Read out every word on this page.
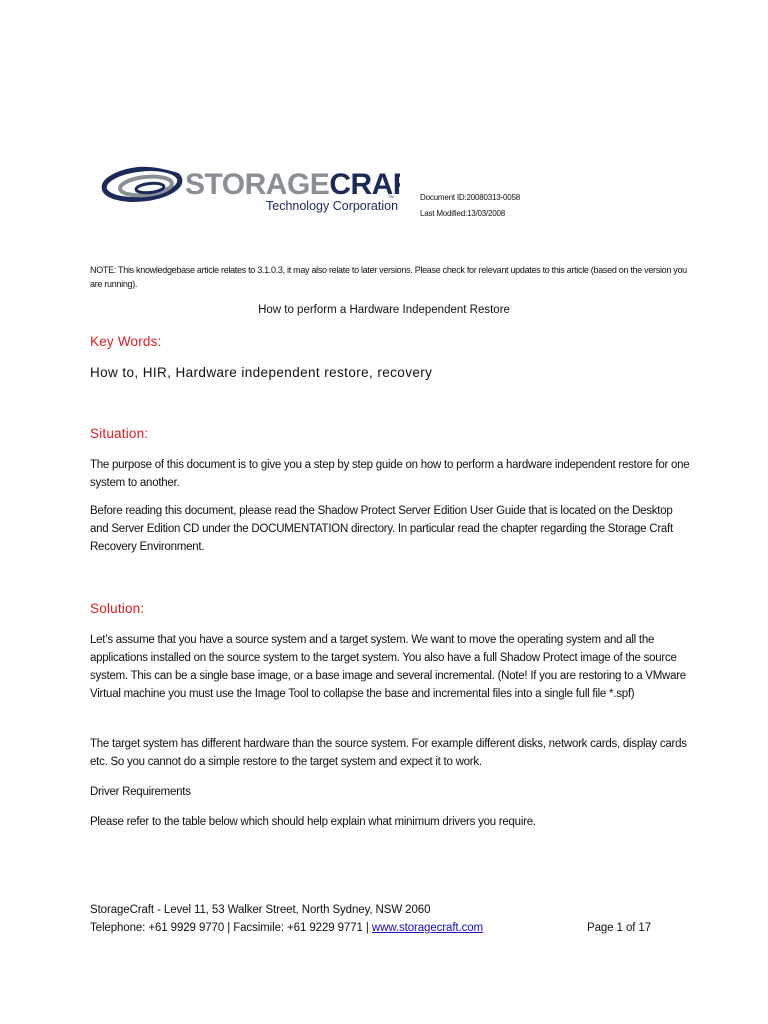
STORAGECRA
TM
Technology Corporation
Document ID:20080313-0058
Last Modified:13/03/2008
NOTE: This knowledgebase article relates to 3.1.0.3, it may also relate to later versions. Please check for relevant updates to this article (based on the version you are running).
How to perform a Hardware Independent Restore
Key Words:
How to, HIR, Hardware independent restore, recovery
Situation:
The purpose of this document is to give you a step by step guide on how to perform a hardware independent restore for one system to another.
Before reading this document, please read the Shadow Protect Server Edition User Guide that is located on the Desktop and Server Edition CD under the DOCUMENTATION directory. In particular read the chapter regarding the Storage Craft Recovery Environment.
Solution:
Let’s assume that you have a source system and a target system. We want to move the operating system and all the applications installed on the source system to the target system. You also have a full Shadow Protect image of the source system. This can be a single base image, or a base image and several incremental. (Note! If you are restoring to a VMware Virtual machine you must use the Image Tool to collapse the base and incremental files into a single full file *.spf)
The target system has different hardware than the source system. For example different disks, network cards, display cards etc. So you cannot do a simple restore to the target system and expect it to work.
Driver Requirements
Please refer to the table below which should help explain what minimum drivers you require.
StorageCraft - Level 11, 53 Walker Street, North Sydney, NSW 2060
Telephone: +61 9929 9770 | Facsimile: +61 9229 9771 | www.storagecraft.com	Page 1 of 17
